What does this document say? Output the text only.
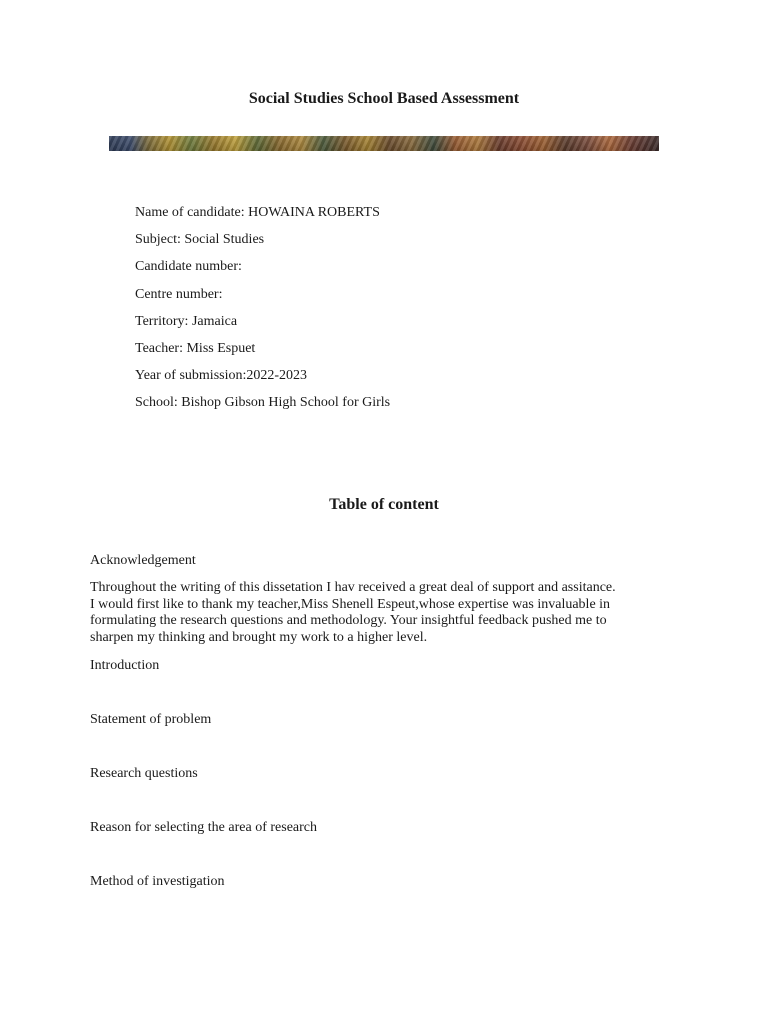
Social Studies School Based Assessment
Name of candidate: HOWAINA ROBERTS
Subject: Social Studies
Candidate number:
Centre number:
Territory: Jamaica
Teacher: Miss Espuet
Year of submission:2022-2023
School: Bishop Gibson High School for Girls
Table of content
Acknowledgement
Throughout the writing of this dissetation I hav received a great deal of support and assitance.
I would first like to thank my teacher,Miss Shenell Espeut,whose expertise was invaluable in
formulating the research questions and methodology. Your insightful feedback pushed me to
sharpen my thinking and brought my work to a higher level.
Introduction
Statement of problem
Research questions
Reason for selecting the area of research
Method of investigation
